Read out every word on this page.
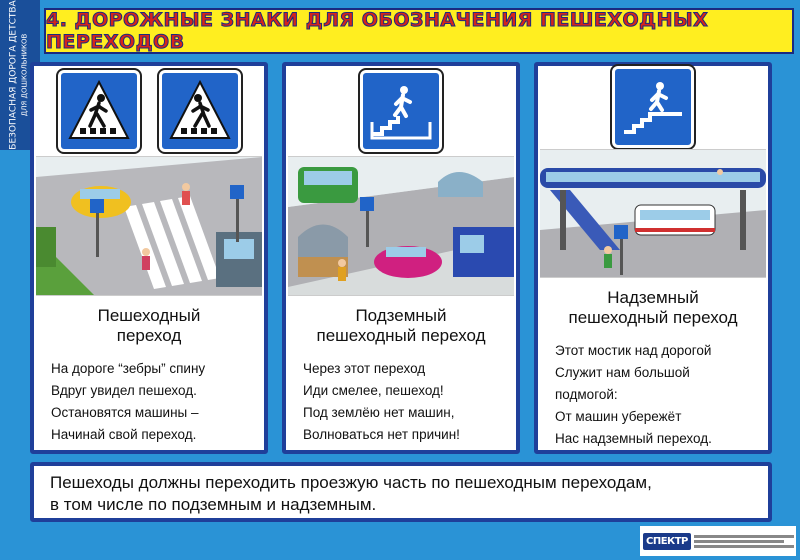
БЕЗОПАСНАЯ ДОРОГА ДЕТСТВА ДЛЯ ДОШКОЛЬНИКОВ
4. ДОРОЖНЫЕ ЗНАКИ ДЛЯ ОБОЗНАЧЕНИЯ ПЕШЕХОДНЫХ ПЕРЕХОДОВ
Пешеходный
переход
На дороге “зебры” спину
Вдруг увидел пешеход.
Остановятся машины –
Начинай свой переход.
Подземный
пешеходный переход
Через этот переход
Иди смелее, пешеход!
Под землёю нет машин,
Волноваться нет причин!
Надземный
пешеходный переход
Этот мостик над дорогой
Служит нам большой подмогой:
От машин убережёт
Нас надземный переход.
Пешеходы должны переходить проезжую часть по пешеходным переходам,
в том числе по подземным и надземным.
СПЕКТР
